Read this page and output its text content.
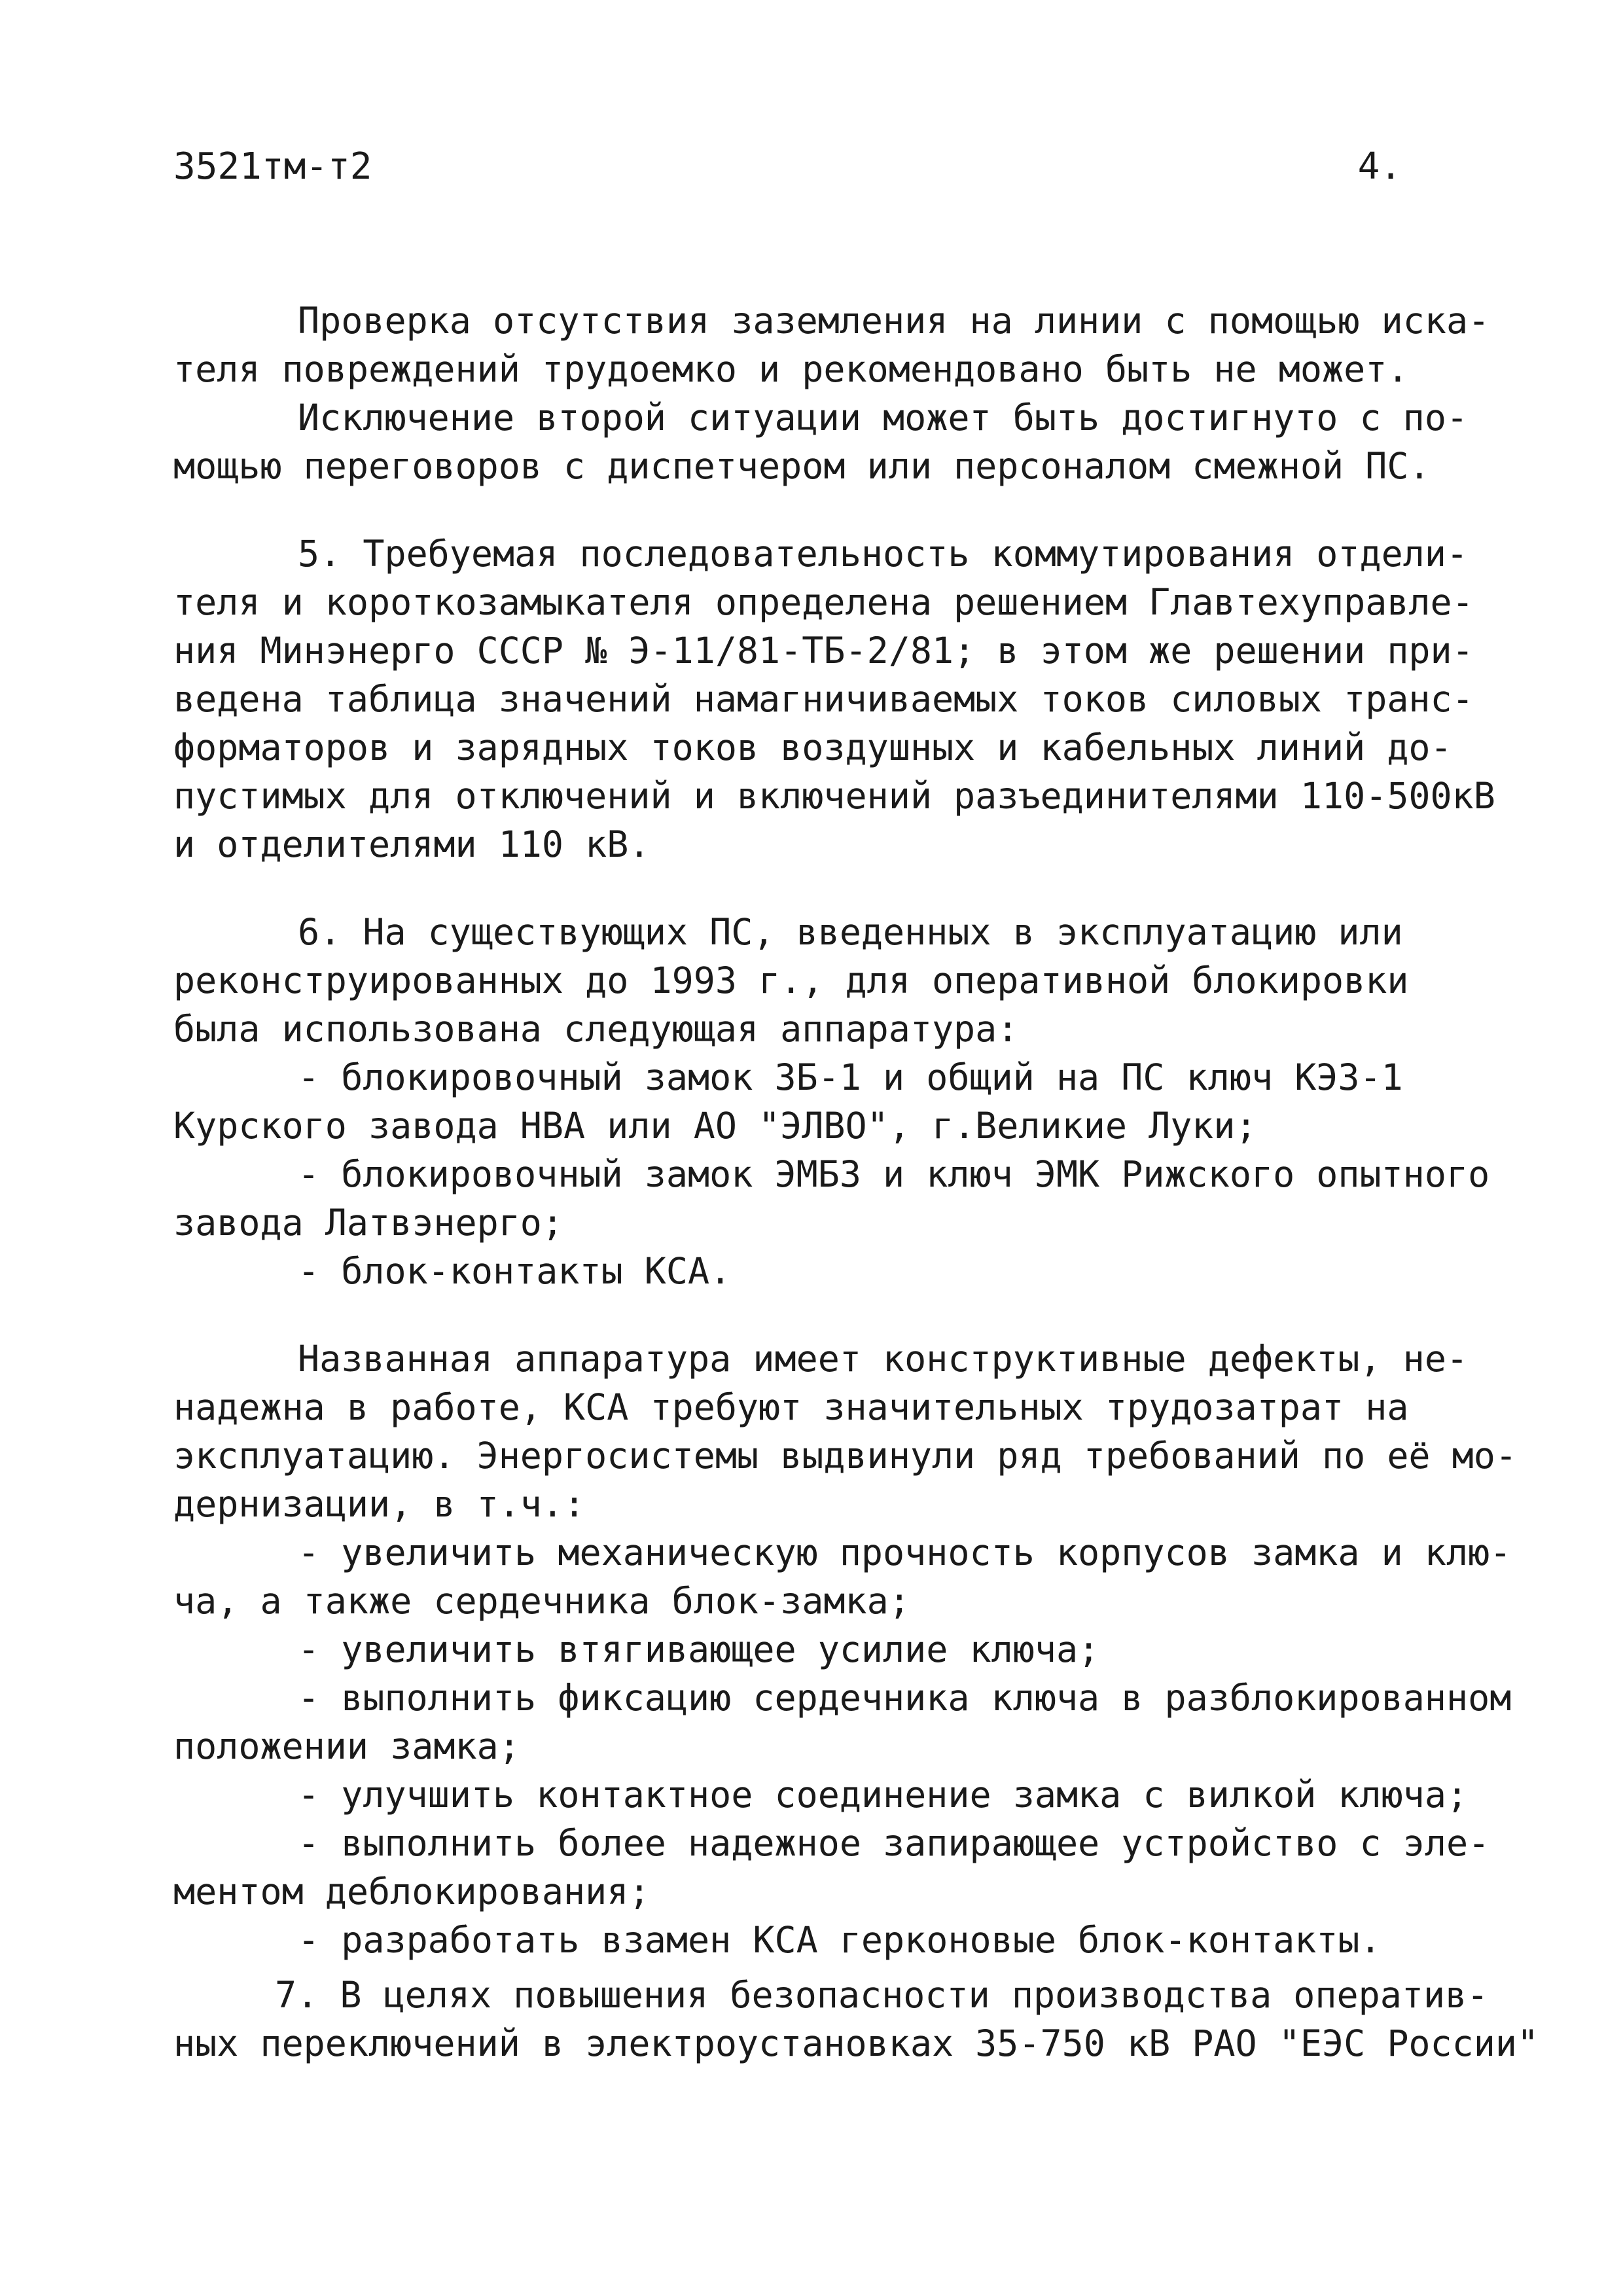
3521тм-т2	4.
Проверка отсутствия заземления на линии с помощью иска-
теля повреждений трудоемко и рекомендовано быть не может.
Исключение второй ситуации может быть достигнуто с по-
мощью переговоров с диспетчером или персоналом смежной ПС.
5. Требуемая последовательность коммутирования отдели-
теля и короткозамыкателя определена решением Главтехуправле-
ния Минэнерго СССР № Э-11/81-ТБ-2/81; в этом же решении при-
ведена таблица значений намагничиваемых токов силовых транс-
форматоров и зарядных токов воздушных и кабельных линий до-
пустимых для отключений и включений разъединителями 110-500кВ
и отделителями 110 кВ.
6. На существующих ПС, введенных в эксплуатацию или
реконструированных до 1993 г., для оперативной блокировки
была использована следующая аппаратура:
- блокировочный замок ЗБ-1 и общий на ПС ключ КЭЗ-1
Курского завода НВА или АО "ЭЛВО", г.Великие Луки;
- блокировочный замок ЭМБЗ и ключ ЭМК Рижского опытного
завода Латвэнерго;
- блок-контакты КСА.
Названная аппаратура имеет конструктивные дефекты, не-
надежна в работе, КСА требуют значительных трудозатрат на
эксплуатацию. Энергосистемы выдвинули ряд требований по её мо-
дернизации, в т.ч.:
- увеличить механическую прочность корпусов замка и клю-
ча, а также сердечника блок-замка;
- увеличить втягивающее усилие ключа;
- выполнить фиксацию сердечника ключа в разблокированном
положении замка;
- улучшить контактное соединение замка с вилкой ключа;
- выполнить более надежное запирающее устройство с эле-
ментом деблокирования;
- разработать взамен КСА герконовые блок-контакты.
7. В целях повышения безопасности производства оператив-
ных переключений в электроустановках 35-750 кВ РАО "ЕЭС России"
